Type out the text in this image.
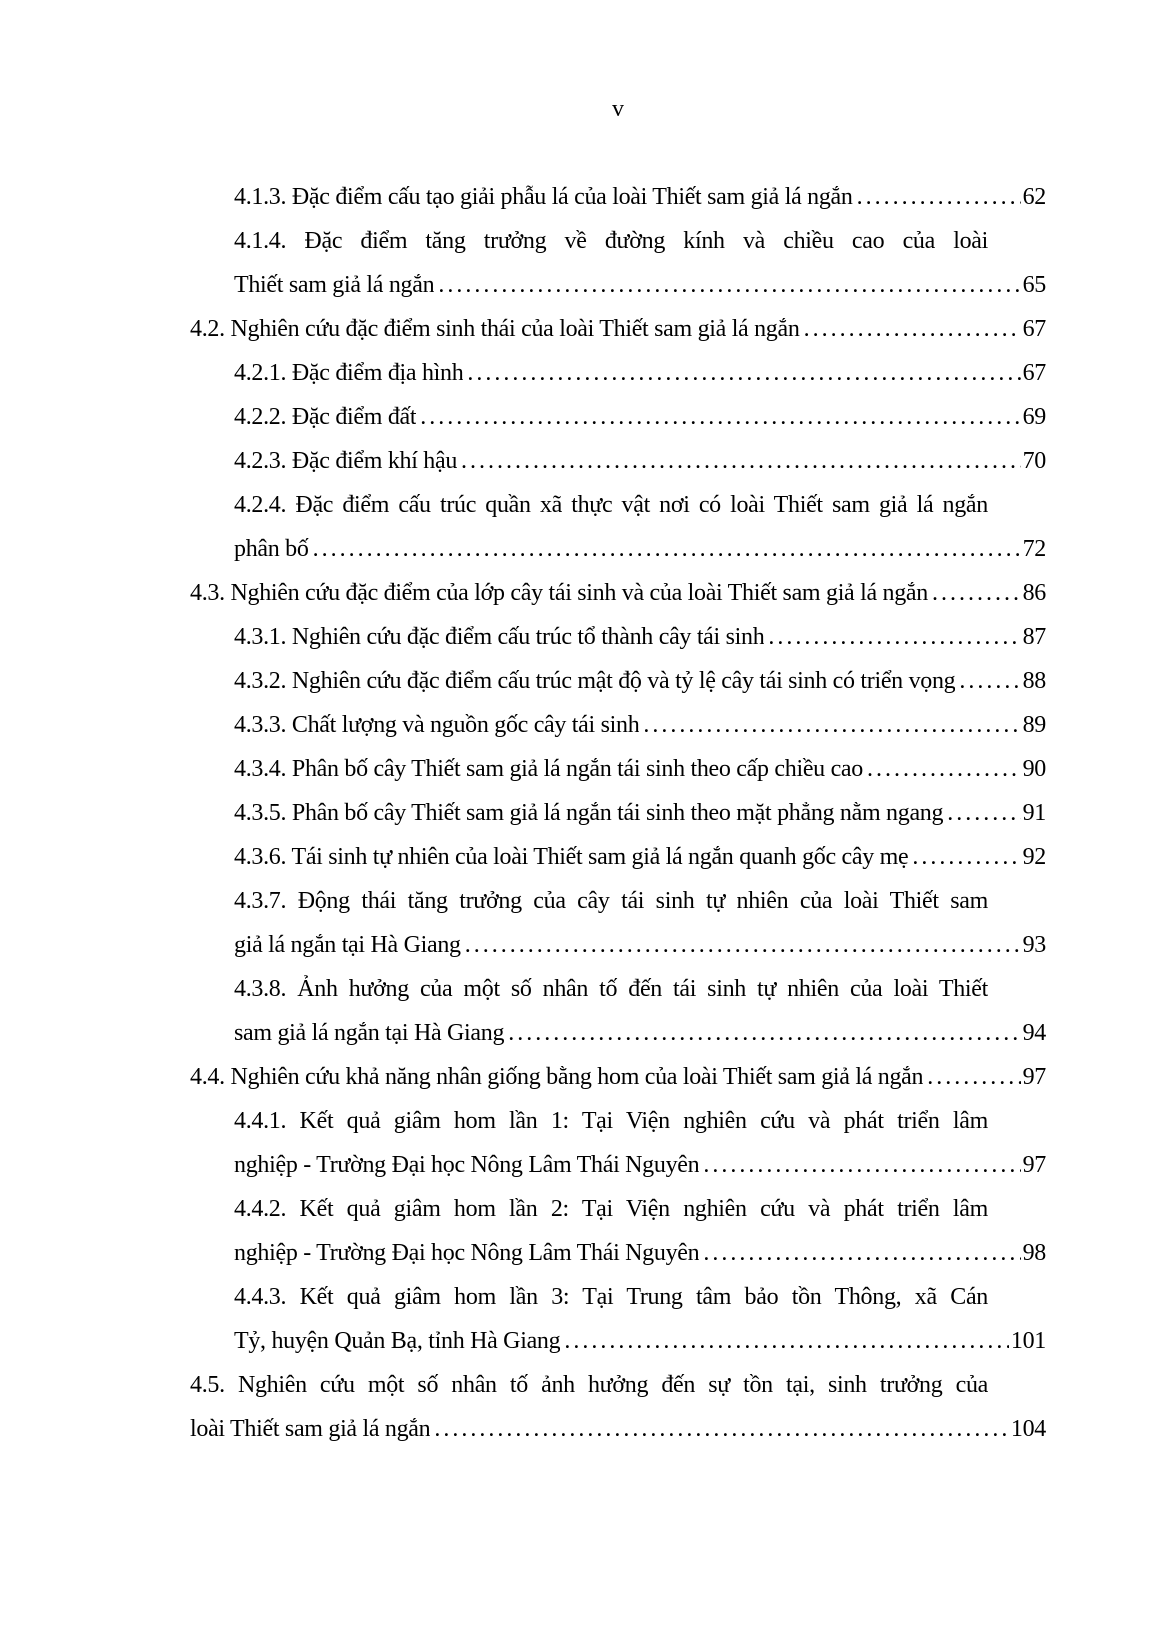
v
4.1.3. Đặc điểm cấu tạo giải phẫu lá của loài Thiết sam giả lá ngắn .....	62
4.1.4. Đặc điểm tăng trưởng về đường kính và chiều cao của loài
Thiết sam giả lá ngắn .....	65
4.2. Nghiên cứu đặc điểm sinh thái của loài Thiết sam giả lá ngắn .....	67
4.2.1. Đặc điểm địa hình .....	67
4.2.2. Đặc điểm đất .....	69
4.2.3. Đặc điểm khí hậu .....	70
4.2.4. Đặc điểm cấu trúc quần xã thực vật nơi có loài Thiết sam giả lá ngắn
phân bố .....	72
4.3. Nghiên cứu đặc điểm của lớp cây tái sinh và của loài Thiết sam giả lá ngắn .....	86
4.3.1. Nghiên cứu đặc điểm cấu trúc tổ thành cây tái sinh .....	87
4.3.2. Nghiên cứu đặc điểm cấu trúc mật độ và tỷ lệ cây tái sinh có triển vọng .....	88
4.3.3. Chất lượng và nguồn gốc cây tái sinh .....	89
4.3.4. Phân bố cây Thiết sam giả lá ngắn tái sinh theo cấp chiều cao .....	90
4.3.5. Phân bố cây Thiết sam giả lá ngắn tái sinh theo mặt phẳng nằm ngang .....	91
4.3.6. Tái sinh tự nhiên của loài Thiết sam giả lá ngắn quanh gốc cây mẹ .....	92
4.3.7. Động thái tăng trưởng của cây tái sinh tự nhiên của loài Thiết sam
giả lá ngắn tại Hà Giang .....	93
4.3.8. Ảnh hưởng của một số nhân tố đến tái sinh tự nhiên của loài Thiết
sam giả lá ngắn tại Hà Giang .....	94
4.4. Nghiên cứu khả năng nhân giống bằng hom của loài Thiết sam giả lá ngắn .....	97
4.4.1. Kết quả giâm hom lần 1: Tại Viện nghiên cứu và phát triển lâm
nghiệp - Trường Đại học Nông Lâm Thái Nguyên .....	97
4.4.2. Kết quả giâm hom lần 2: Tại Viện nghiên cứu và phát triển lâm
nghiệp - Trường Đại học Nông Lâm Thái Nguyên .....	98
4.4.3. Kết quả giâm hom lần 3: Tại Trung tâm bảo tồn Thông, xã Cán
Tỷ, huyện Quản Bạ, tỉnh Hà Giang .....	101
4.5. Nghiên cứu một số nhân tố ảnh hưởng đến sự tồn tại, sinh trưởng của
loài Thiết sam giả lá ngắn .....	104
